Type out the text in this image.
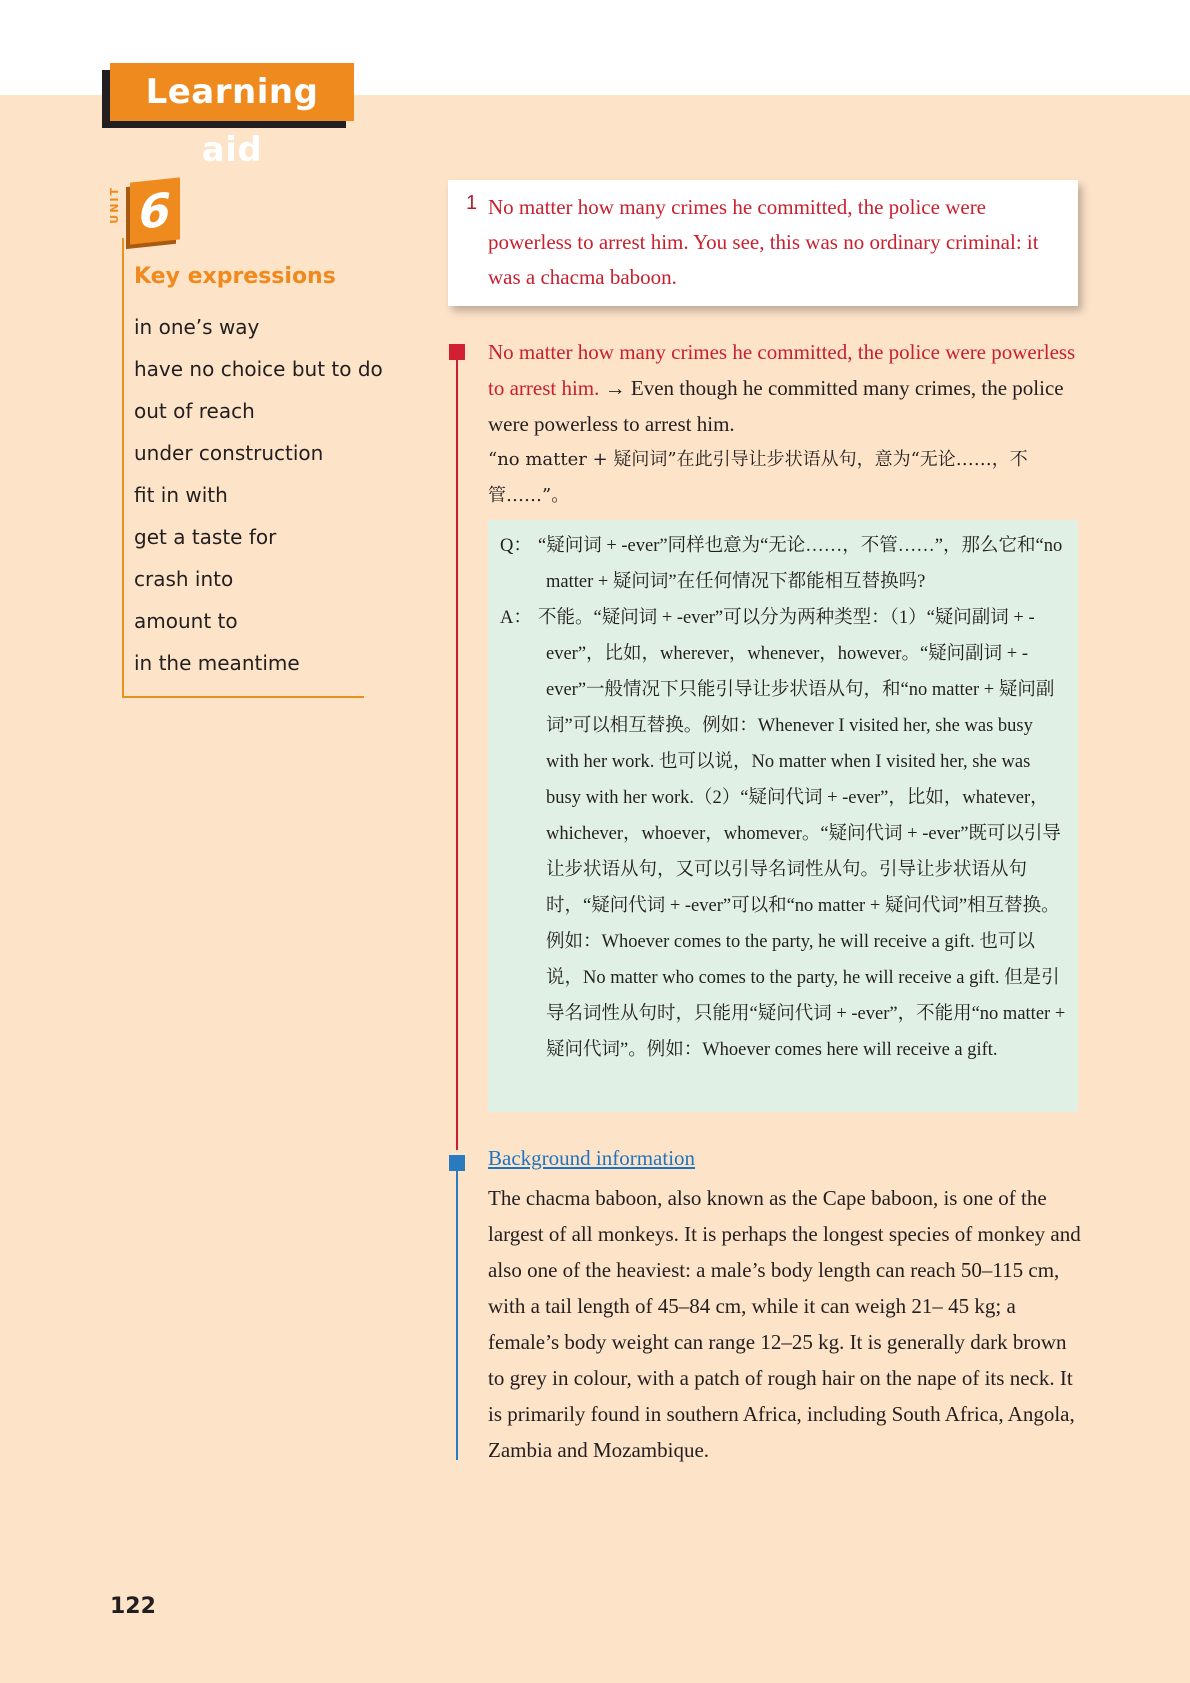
Learning aid
UNIT 6
Key expressions
in one’s way
have no choice but to do
out of reach
under construction
fit in with
get a taste for
crash into
amount to
in the meantime
1 No matter how many crimes he committed, the police were powerless to arrest him. You see, this was no ordinary criminal: it was a chacma baboon.
No matter how many crimes he committed, the police were powerless to arrest him. → Even though he committed many crimes, the police were powerless to arrest him.
“no matter + 疑问词”在此引导让步状语从句，意为“无论……，不管……”。
Q： “疑问词 + -ever”同样也意为“无论……，不管……”，那么它和“no matter + 疑问词”在任何情况下都能相互替换吗?
A： 不能。“疑问词 + -ever”可以分为两种类型：（1）“疑问副词 + -ever”，比如，wherever，whenever，however。“疑问副词 + -ever”一般情况下只能引导让步状语从句，和“no matter + 疑问副词”可以相互替换。例如：Whenever I visited her, she was busy with her work. 也可以说，No matter when I visited her, she was busy with her work.（2）“疑问代词 + -ever”，比如，whatever，whichever，whoever，whomever。“疑问代词 + -ever”既可以引导让步状语从句，又可以引导名词性从句。引导让步状语从句时，“疑问代词 + -ever”可以和“no matter + 疑问代词”相互替换。例如：Whoever comes to the party, he will receive a gift. 也可以说，No matter who comes to the party, he will receive a gift. 但是引导名词性从句时，只能用“疑问代词 + -ever”，不能用“no matter + 疑问代词”。例如：Whoever comes here will receive a gift.
Background information
The chacma baboon, also known as the Cape baboon, is one of the largest of all monkeys. It is perhaps the longest species of monkey and also one of the heaviest: a male’s body length can reach 50–115 cm, with a tail length of 45–84 cm, while it can weigh 21– 45 kg; a female’s body weight can range 12–25 kg. It is generally dark brown to grey in colour, with a patch of rough hair on the nape of its neck. It is primarily found in southern Africa, including South Africa, Angola, Zambia and Mozambique.
122
